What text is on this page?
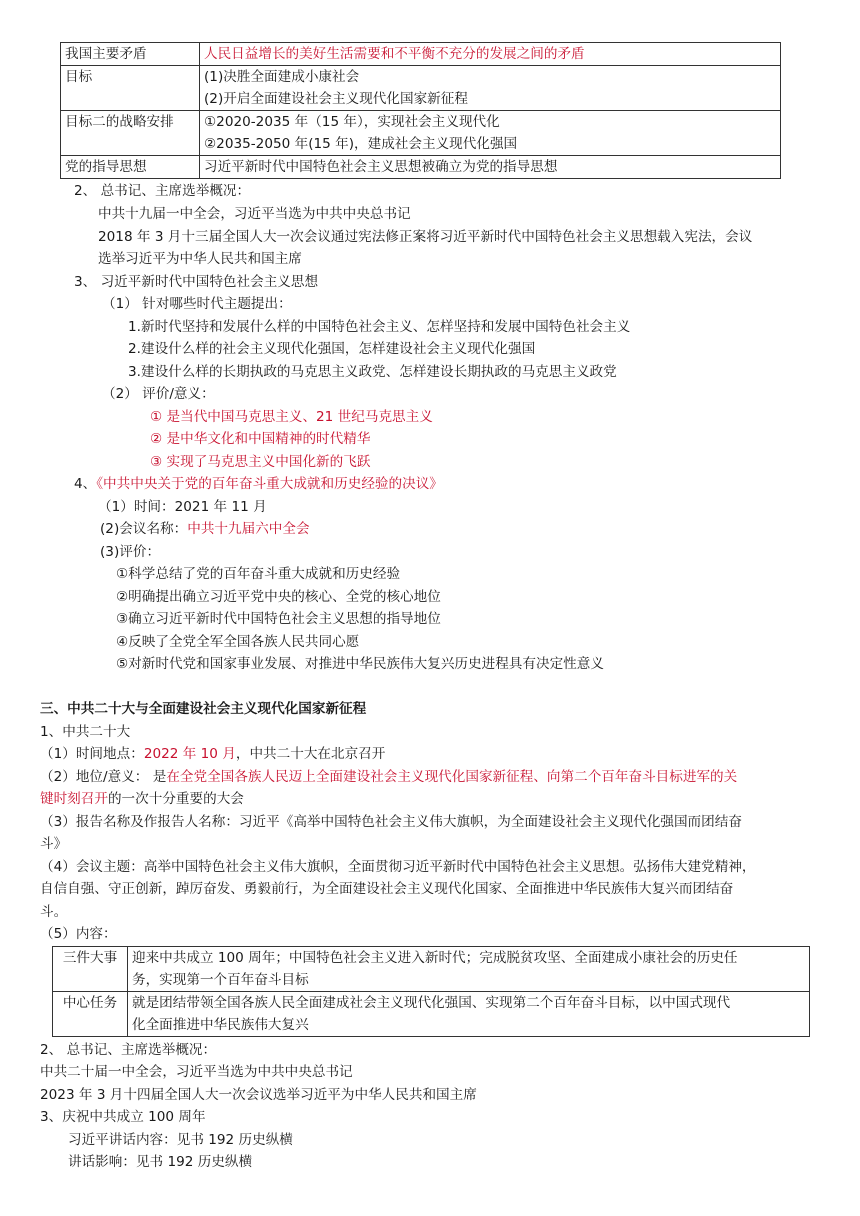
我国主要矛盾	人民日益增长的美好生活需要和不平衡不充分的发展之间的矛盾
目标	(1)决胜全面建成小康社会
(2)开启全面建设社会主义现代化国家新征程

目标二的战略安排	①2020-2035 年（15 年），实现社会主义现代化
②2035-2050 年(15 年)，建成社会主义现代化强国

党的指导思想	习近平新时代中国特色社会主义思想被确立为党的指导思想
2、 总书记、主席选举概况：
中共十九届一中全会，习近平当选为中共中央总书记
2018 年 3 月十三届全国人大一次会议通过宪法修正案将习近平新时代中国特色社会主义思想载入宪法，会议
选举习近平为中华人民共和国主席
3、 习近平新时代中国特色社会主义思想
（1） 针对哪些时代主题提出：
1.新时代坚持和发展什么样的中国特色社会主义、怎样坚持和发展中国特色社会主义
2.建设什么样的社会主义现代化强国，怎样建设社会主义现代化强国
3.建设什么样的长期执政的马克思主义政党、怎样建设长期执政的马克思主义政党
（2） 评价/意义：
① 是当代中国马克思主义、21 世纪马克思主义
② 是中华文化和中国精神的时代精华
③ 实现了马克思主义中国化新的飞跃
4、《中共中央关于党的百年奋斗重大成就和历史经验的决议》
（1）时间：2021 年 11 月
(2)会议名称：中共十九届六中全会
(3)评价：
①科学总结了党的百年奋斗重大成就和历史经验
②明确提出确立习近平党中央的核心、全党的核心地位
③确立习近平新时代中国特色社会主义思想的指导地位
④反映了全党全军全国各族人民共同心愿
⑤对新时代党和国家事业发展、对推进中华民族伟大复兴历史进程具有决定性意义
三、中共二十大与全面建设社会主义现代化国家新征程
1、中共二十大
（1）时间地点：2022 年 10 月，中共二十大在北京召开
（2）地位/意义： 是在全党全国各族人民迈上全面建设社会主义现代化国家新征程、向第二个百年奋斗目标进军的关
键时刻召开的一次十分重要的大会
（3）报告名称及作报告人名称：习近平《高举中国特色社会主义伟大旗帜，为全面建设社会主义现代化强国而团结奋
斗》
（4）会议主题：高举中国特色社会主义伟大旗帜，全面贯彻习近平新时代中国特色社会主义思想。弘扬伟大建党精神，
自信自强、守正创新，踔厉奋发、勇毅前行，为全面建设社会主义现代化国家、全面推进中华民族伟大复兴而团结奋
斗。
（5）内容：
三件大事	迎来中共成立 100 周年；中国特色社会主义进入新时代；完成脱贫攻坚、全面建成小康社会的历史任
务，实现第一个百年奋斗目标

中心任务	就是团结带领全国各族人民全面建成社会主义现代化强国、实现第二个百年奋斗目标，以中国式现代
化全面推进中华民族伟大复兴
2、 总书记、主席选举概况：
中共二十届一中全会，习近平当选为中共中央总书记
2023 年 3 月十四届全国人大一次会议选举习近平为中华人民共和国主席
3、庆祝中共成立 100 周年
习近平讲话内容：见书 192 历史纵横
讲话影响：见书 192 历史纵横
